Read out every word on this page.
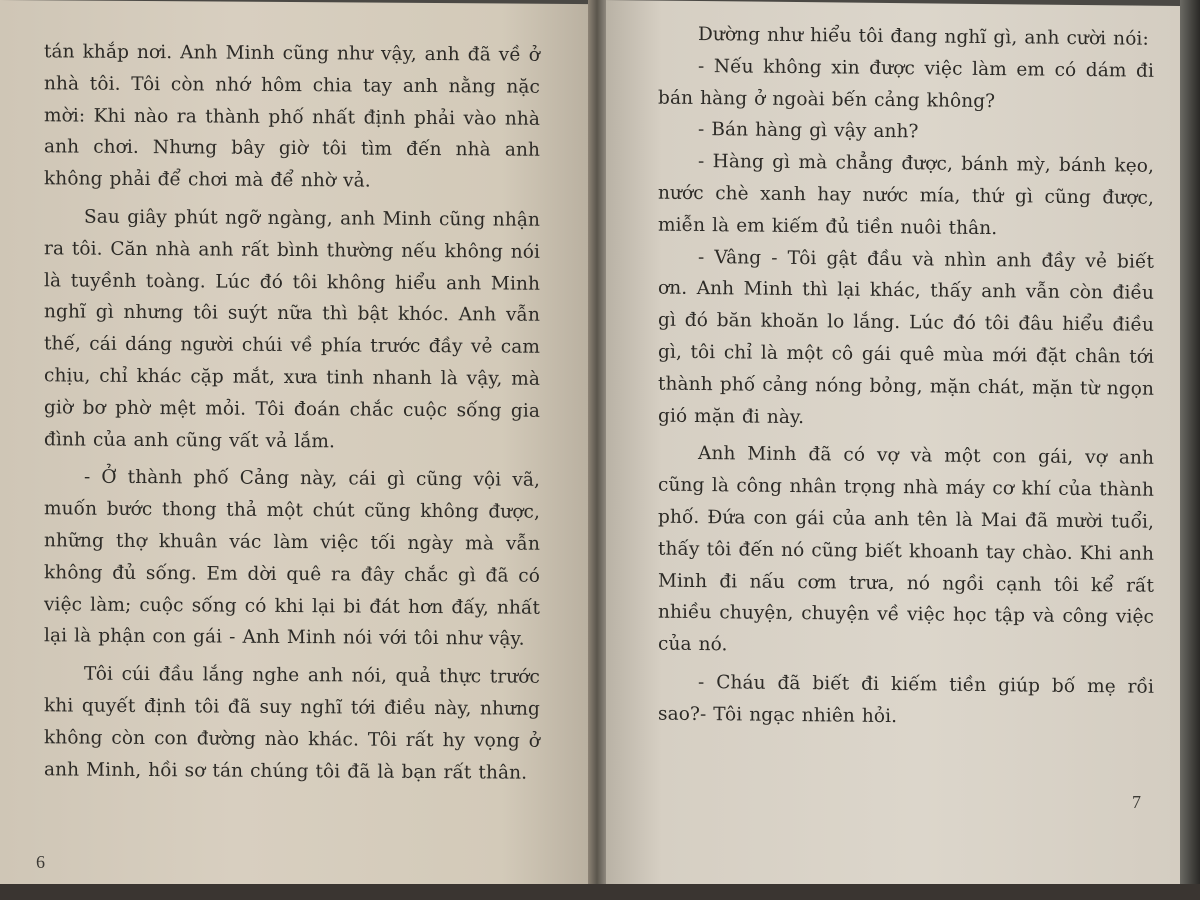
tán khắp nơi. Anh Minh cũng như vậy, anh đã về ở nhà tôi. Tôi còn nhớ hôm chia tay anh nằng nặc mời: Khi nào ra thành phố nhất định phải vào nhà anh chơi. Nhưng bây giờ tôi tìm đến nhà anh không phải để chơi mà để nhờ vả.

Sau giây phút ngỡ ngàng, anh Minh cũng nhận ra tôi. Căn nhà anh rất bình thường nếu không nói là tuyềnh toàng. Lúc đó tôi không hiểu anh Minh nghĩ gì nhưng tôi suýt nữa thì bật khóc. Anh vẫn thế, cái dáng người chúi về phía trước đầy vẻ cam chịu, chỉ khác cặp mắt, xưa tinh nhanh là vậy, mà giờ bơ phờ mệt mỏi. Tôi đoán chắc cuộc sống gia đình của anh cũng vất vả lắm.

- Ở thành phố Cảng này, cái gì cũng vội vã, muốn bước thong thả một chút cũng không được, những thợ khuân vác làm việc tối ngày mà vẫn không đủ sống. Em dời quê ra đây chắc gì đã có việc làm; cuộc sống có khi lại bi đát hơn đấy, nhất lại là phận con gái - Anh Minh nói với tôi như vậy.

Tôi cúi đầu lắng nghe anh nói, quả thực trước khi quyết định tôi đã suy nghĩ tới điều này, nhưng không còn con đường nào khác. Tôi rất hy vọng ở anh Minh, hồi sơ tán chúng tôi đã là bạn rất thân.

Dường như hiểu tôi đang nghĩ gì, anh cười nói:

- Nếu không xin được việc làm em có dám đi bán hàng ở ngoài bến cảng không?

- Bán hàng gì vậy anh?

- Hàng gì mà chẳng được, bánh mỳ, bánh kẹo, nước chè xanh hay nước mía, thứ gì cũng được, miễn là em kiếm đủ tiền nuôi thân.

- Vâng - Tôi gật đầu và nhìn anh đầy vẻ biết ơn. Anh Minh thì lại khác, thấy anh vẫn còn điều gì đó băn khoăn lo lắng. Lúc đó tôi đâu hiểu điều gì, tôi chỉ là một cô gái quê mùa mới đặt chân tới thành phố cảng nóng bỏng, mặn chát, mặn từ ngọn gió mặn đi này.

Anh Minh đã có vợ và một con gái, vợ anh cũng là công nhân trọng nhà máy cơ khí của thành phố. Đứa con gái của anh tên là Mai đã mười tuổi, thấy tôi đến nó cũng biết khoanh tay chào. Khi anh Minh đi nấu cơm trưa, nó ngồi cạnh tôi kể rất nhiều chuyện, chuyện về việc học tập và công việc của nó.

- Cháu đã biết đi kiếm tiền giúp bố mẹ rồi sao?- Tôi ngạc nhiên hỏi.

6
7
